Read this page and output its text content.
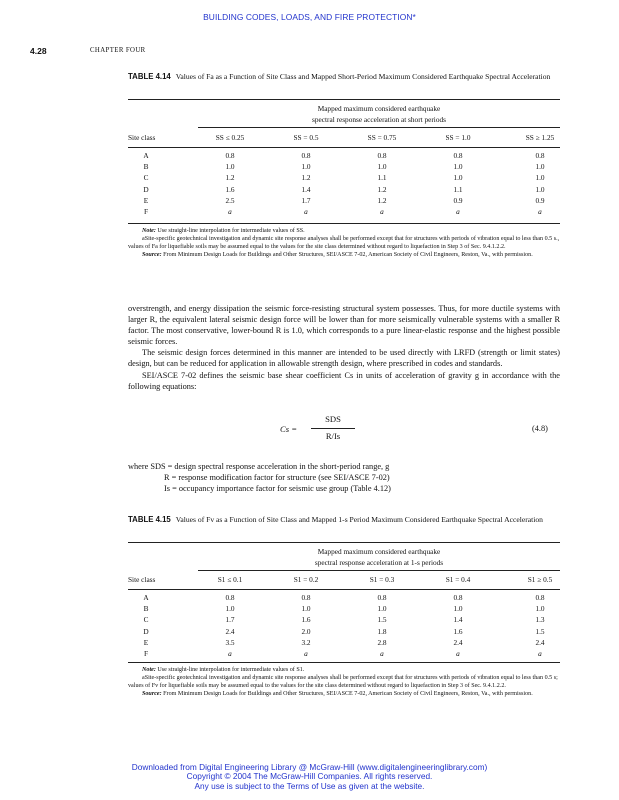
BUILDING CODES, LOADS, AND FIRE PROTECTION*
4.28	CHAPTER FOUR
TABLE 4.14 Values of Fa as a Function of Site Class and Mapped Short-Period Maximum Considered Earthquake Spectral Acceleration
Mapped maximum considered earthquake
spectral response acceleration at short periods
Site class	SS ≤ 0.25	SS = 0.5	SS = 0.75	SS = 1.0	SS ≥ 1.25
A	0.8	0.8	0.8	0.8	0.8
B	1.0	1.0	1.0	1.0	1.0
C	1.2	1.2	1.1	1.0	1.0
D	1.6	1.4	1.2	1.1	1.0
E	2.5	1.7	1.2	0.9	0.9
F	a	a	a	a	a
Note: Use straight-line interpolation for intermediate values of SS.
aSite-specific geotechnical investigation and dynamic site response analyses shall be performed except that for structures with periods of vibration equal to less than 0.5 s., values of Fa for liquefiable soils may be assumed equal to the values for the site class determined without regard to liquefaction in Step 3 of Sec. 9.4.1.2.2.
Source: From Minimum Design Loads for Buildings and Other Structures, SEI/ASCE 7-02, American Society of Civil Engineers, Reston, Va., with permission.

overstrength, and energy dissipation the seismic force-resisting structural system possesses. Thus, for more ductile systems with larger R, the equivalent lateral seismic design force will be lower than for more seismically vulnerable systems with a smaller R factor. The most conservative, lower-bound R is 1.0, which corresponds to a pure linear-elastic response and the highest possible seismic forces.

The seismic design forces determined in this manner are intended to be used directly with LRFD (strength or limit states) design, but can be reduced for application in allowable strength design, where prescribed in codes and standards.

SEI/ASCE 7-02 defines the seismic base shear coefficient Cs in units of acceleration of gravity g in accordance with the following equations:

Cs =
SDS
R/Is
(4.8)
where SDS = design spectral response acceleration in the short-period range, g
R = response modification factor for structure (see SEI/ASCE 7-02)
Is = occupancy importance factor for seismic use group (Table 4.12)
TABLE 4.15 Values of Fv as a Function of Site Class and Mapped 1-s Period Maximum Considered Earthquake Spectral Acceleration
Mapped maximum considered earthquake
spectral response acceleration at 1-s periods
Site class	S1 ≤ 0.1	S1 = 0.2	S1 = 0.3	S1 = 0.4	S1 ≥ 0.5
A	0.8	0.8	0.8	0.8	0.8
B	1.0	1.0	1.0	1.0	1.0
C	1.7	1.6	1.5	1.4	1.3
D	2.4	2.0	1.8	1.6	1.5
E	3.5	3.2	2.8	2.4	2.4
F	a	a	a	a	a
Note: Use straight-line interpolation for intermediate values of S1.
aSite-specific geotechnical investigation and dynamic site response analyses shall be performed except that for structures with periods of vibration equal to less than 0.5 s; values of Fv for liquefiable soils may be assumed equal to the values for the site class determined without regard to liquefaction in Step 3 of Sec. 9.4.1.2.2.
Source: From Minimum Design Loads for Buildings and Other Structures, SEI/ASCE 7-02, American Society of Civil Engineers, Reston, Va., with permission.
Downloaded from Digital Engineering Library @ McGraw-Hill (www.digitalengineeringlibrary.com)
Copyright © 2004 The McGraw-Hill Companies. All rights reserved.
Any use is subject to the Terms of Use as given at the website.
